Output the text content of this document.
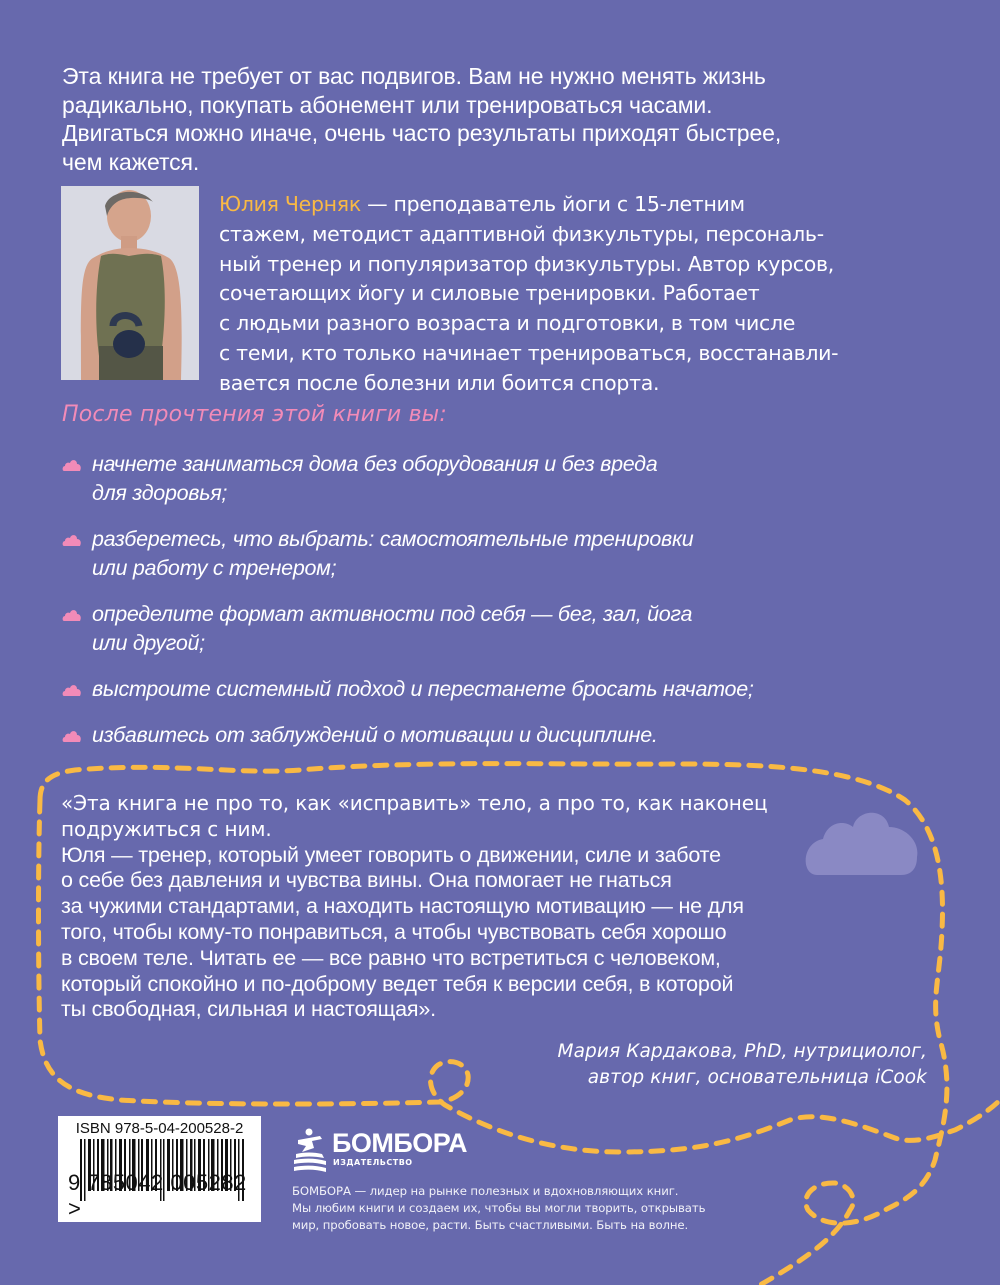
Эта книга не требует от вас подвигов. Вам не нужно менять жизнь
радикально, покупать абонемент или тренироваться часами.
Двигаться можно иначе, очень часто результаты приходят быстрее,
чем кажется.
Юлия Черняк — преподаватель йоги с 15-летним
стажем, методист адаптивной физкультуры, персональ-
ный тренер и популяризатор физкультуры. Автор курсов,
сочетающих йогу и силовые тренировки. Работает
с людьми разного возраста и подготовки, в том числе
с теми, кто только начинает тренироваться, восстанавли-
вается после болезни или боится спорта.
После прочтения этой книги вы:
начнете заниматься дома без оборудования и без вреда
для здоровья;
разберетесь, что выбрать: самостоятельные тренировки
или работу с тренером;
определите формат активности под себя — бег, зал, йога
или другой;
выстроите системный подход и перестанете бросать начатое;
избавитесь от заблуждений о мотивации и дисциплине.
«Эта книга не про то, как «исправить» тело, а про то, как наконец
подружиться с ним.
Юля — тренер, который умеет говорить о движении, силе и заботе
о себе без давления и чувства вины. Она помогает не гнаться
за чужими стандартами, а находить настоящую мотивацию — не для
того, чтобы кому-то понравиться, а чтобы чувствовать себя хорошо
в своем теле. Читать ее — все равно что встретиться с человеком,
который спокойно и по-доброму ведет тебя к версии себя, в которой
ты свободная, сильная и настоящая».
Мария Кардакова, PhD, нутрициолог,
автор книг, основательница iCook
ISBN 978-5-04-200528-2
9 785042 005282 >
БОМБОРА
ИЗДАТЕЛЬСТВО
БОМБОРА — лидер на рынке полезных и вдохновляющих книг.
Мы любим книги и создаем их, чтобы вы могли творить, открывать
мир, пробовать новое, расти. Быть счастливыми. Быть на волне.
